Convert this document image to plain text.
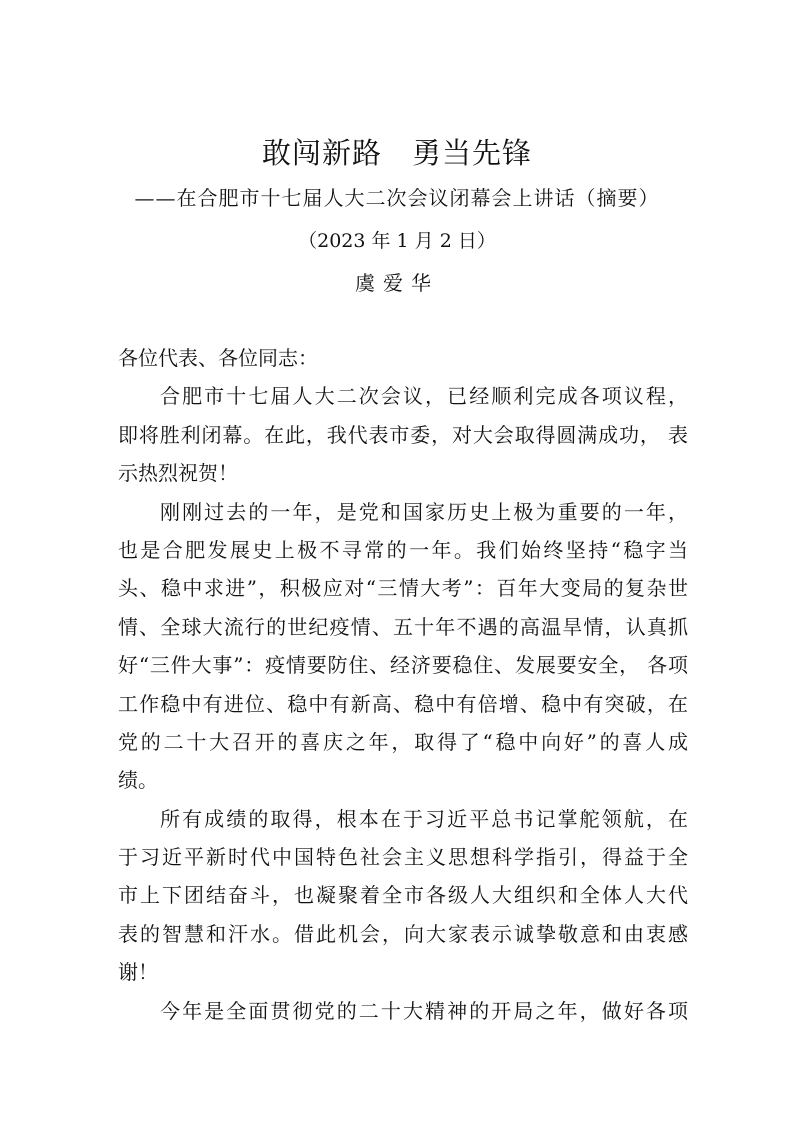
敢闯新路　勇当先锋
——在合肥市十七届人大二次会议闭幕会上讲话（摘要）
（2023 年 1 月 2 日）
虞爱华

各位代表、各位同志：

合肥市十七届人大二次会议，已经顺利完成各项议程，
即将胜利闭幕。在此，我代表市委，对大会取得圆满成功， 表
示热烈祝贺！
刚刚过去的一年，是党和国家历史上极为重要的一年，
也是合肥发展史上极不寻常的一年。我们始终坚持“稳字当
头、稳中求进”，积极应对“三情大考”：百年大变局的复杂世
情、全球大流行的世纪疫情、五十年不遇的高温旱情，认真抓
好“三件大事”：疫情要防住、经济要稳住、发展要安全， 各项
工作稳中有进位、稳中有新高、稳中有倍增、稳中有突破，在
党的二十大召开的喜庆之年，取得了“稳中向好”的喜人成
绩。
所有成绩的取得，根本在于习近平总书记掌舵领航，在
于习近平新时代中国特色社会主义思想科学指引，得益于全
市上下团结奋斗，也凝聚着全市各级人大组织和全体人大代
表的智慧和汗水。借此机会，向大家表示诚挚敬意和由衷感
谢！
今年是全面贯彻党的二十大精神的开局之年，做好各项
